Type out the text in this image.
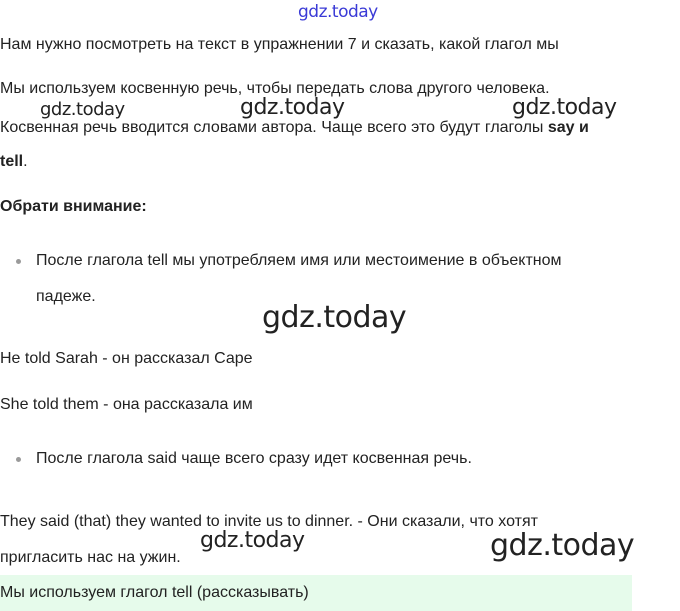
Нам нужно посмотреть на текст в упражнении 7 и сказать, какой глагол мы
Мы используем косвенную речь, чтобы передать слова другого человека.
Косвенная речь вводится словами автора. Чаще всего это будут глаголы say и
tell.
Обрати внимание:
После глагола tell мы употребляем имя или местоимение в объектном
падеже.
He told Sarah - он рассказал Саре
She told them - она рассказала им
После глагола said чаще всего сразу идет косвенная речь.
They said (that) they wanted to invite us to dinner. - Они сказали, что хотят
пригласить нас на ужин.
Мы используем глагол tell (рассказывать)
gdz.today
gdz.today	gdz.today	gdz.today
gdz.today
gdz.today	gdz.today
